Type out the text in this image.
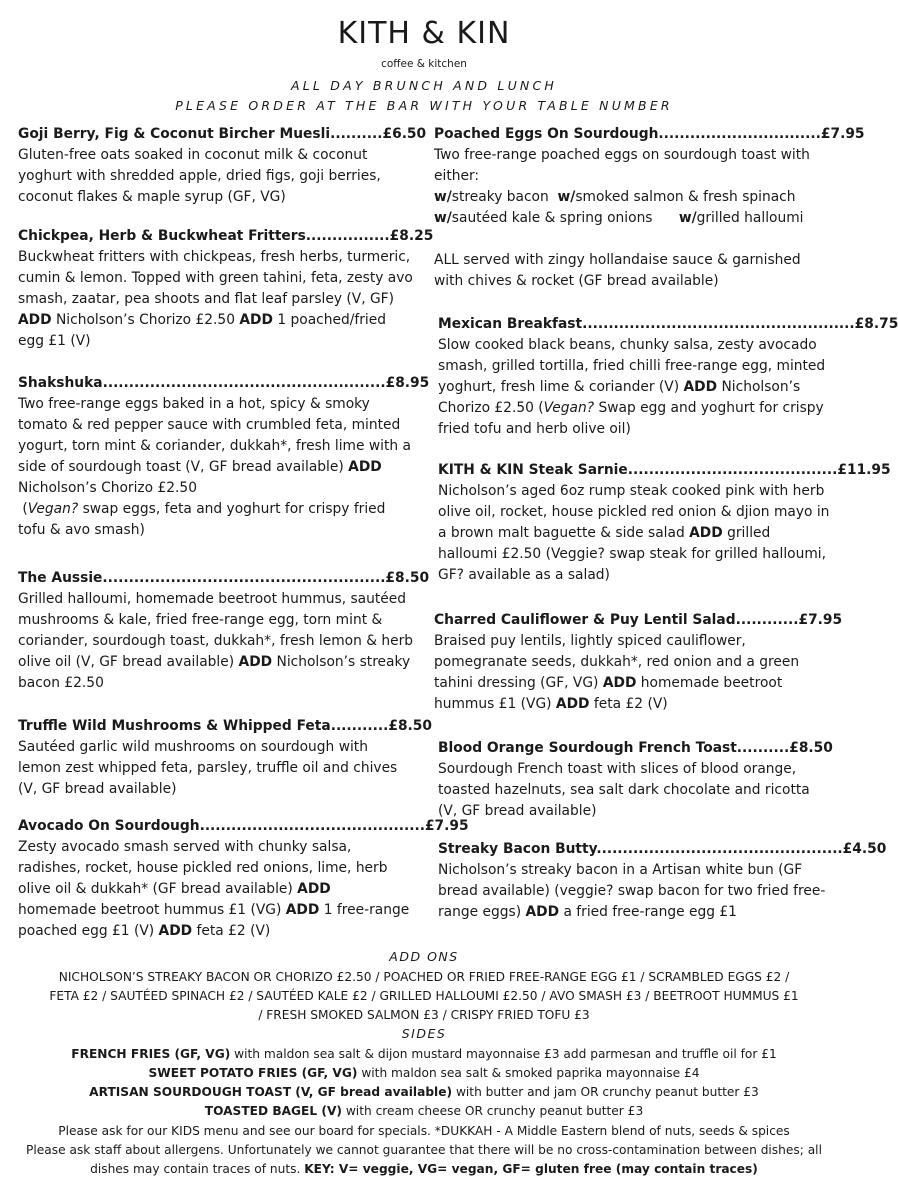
KITH & KIN
coffee & kitchen
ALL DAY BRUNCH AND LUNCH
PLEASE ORDER AT THE BAR WITH YOUR TABLE NUMBER
Goji Berry, Fig & Coconut Bircher Muesli..........£6.50
Gluten-free oats soaked in coconut milk & coconut yoghurt with shredded apple, dried figs, goji berries, coconut flakes & maple syrup (GF, VG)
Chickpea, Herb & Buckwheat Fritters................£8.25
Buckwheat fritters with chickpeas, fresh herbs, turmeric, cumin & lemon. Topped with green tahini, feta, zesty avo smash, zaatar, pea shoots and flat leaf parsley (V, GF) ADD Nicholson’s Chorizo £2.50 ADD 1 poached/fried egg £1 (V)
Shakshuka......................................................£8.95
Two free-range eggs baked in a hot, spicy & smoky tomato & red pepper sauce with crumbled feta, minted yogurt, torn mint & coriander, dukkah*, fresh lime with a side of sourdough toast (V, GF bread available) ADD Nicholson’s Chorizo £2.50
(Vegan? swap eggs, feta and yoghurt for crispy fried tofu & avo smash)
The Aussie......................................................£8.50
Grilled halloumi, homemade beetroot hummus, sautéed mushrooms & kale, fried free-range egg, torn mint & coriander, sourdough toast, dukkah*, fresh lemon & herb olive oil (V, GF bread available) ADD Nicholson’s streaky bacon £2.50
Truffle Wild Mushrooms & Whipped Feta...........£8.50
Sautéed garlic wild mushrooms on sourdough with lemon zest whipped feta, parsley, truffle oil and chives (V, GF bread available)
Avocado On Sourdough...........................................£7.95
Zesty avocado smash served with chunky salsa, radishes, rocket, house pickled red onions, lime, herb olive oil & dukkah* (GF bread available) ADD homemade beetroot hummus £1 (VG) ADD 1 free-range poached egg £1 (V) ADD feta £2 (V)
Poached Eggs On Sourdough...............................£7.95
Two free-range poached eggs on sourdough toast with either:
w/streaky bacon w/smoked salmon & fresh spinach
w/sautéed kale & spring onions w/grilled halloumi
ALL served with zingy hollandaise sauce & garnished with chives & rocket (GF bread available)
Mexican Breakfast....................................................£8.75
Slow cooked black beans, chunky salsa, zesty avocado smash, grilled tortilla, fried chilli free-range egg, minted yoghurt, fresh lime & coriander (V) ADD Nicholson’s Chorizo £2.50 (Vegan? Swap egg and yoghurt for crispy fried tofu and herb olive oil)
KITH & KIN Steak Sarnie........................................£11.95
Nicholson’s aged 6oz rump steak cooked pink with herb olive oil, rocket, house pickled red onion & djion mayo in a brown malt baguette & side salad ADD grilled halloumi £2.50 (Veggie? swap steak for grilled halloumi, GF? available as a salad)
Charred Cauliflower & Puy Lentil Salad............£7.95
Braised puy lentils, lightly spiced cauliflower, pomegranate seeds, dukkah*, red onion and a green tahini dressing (GF, VG) ADD homemade beetroot hummus £1 (VG) ADD feta £2 (V)
Blood Orange Sourdough French Toast..........£8.50
Sourdough French toast with slices of blood orange, toasted hazelnuts, sea salt dark chocolate and ricotta (V, GF bread available)
Streaky Bacon Butty...............................................£4.50
Nicholson’s streaky bacon in a Artisan white bun (GF bread available) (veggie? swap bacon for two fried free-range eggs) ADD a fried free-range egg £1
ADD ONS
NICHOLSON’S STREAKY BACON OR CHORIZO £2.50 / POACHED OR FRIED FREE-RANGE EGG £1 / SCRAMBLED EGGS £2 /
FETA £2 / SAUTÉED SPINACH £2 / SAUTÉED KALE £2 / GRILLED HALLOUMI £2.50 / AVO SMASH £3 / BEETROOT HUMMUS £1
/ FRESH SMOKED SALMON £3 / CRISPY FRIED TOFU £3
SIDES
FRENCH FRIES (GF, VG) with maldon sea salt & dijon mustard mayonnaise £3 add parmesan and truffle oil for £1
SWEET POTATO FRIES (GF, VG) with maldon sea salt & smoked paprika mayonnaise £4
ARTISAN SOURDOUGH TOAST (V, GF bread available) with butter and jam OR crunchy peanut butter £3
TOASTED BAGEL (V) with cream cheese OR crunchy peanut butter £3
Please ask for our KIDS menu and see our board for specials. *DUKKAH - A Middle Eastern blend of nuts, seeds & spices
Please ask staff about allergens. Unfortunately we cannot guarantee that there will be no cross-contamination between dishes; all
dishes may contain traces of nuts. KEY: V= veggie, VG= vegan, GF= gluten free (may contain traces)
